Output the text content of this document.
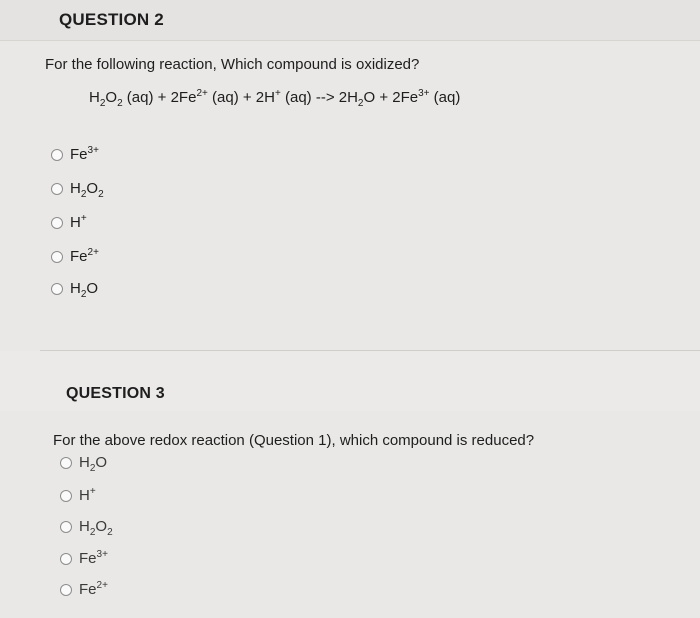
QUESTION 2
For the following reaction, Which compound is oxidized?
$H_2O_2$ $(aq) + 2Fe^{2+}$ (aq) + 2H+ (aq) --> $2H_2O + 2Fe^{3+}$ (aq)
$Fe^{3+}$
$H_2O_2$
H+
$Fe^{2+}$
$H_2O$
QUESTION 3
For the above redox reaction (Question 1), which compound is reduced?
$H_2O$
H+
$H_2O_2$
$Fe^{3+}$
$Fe^{2+}$
